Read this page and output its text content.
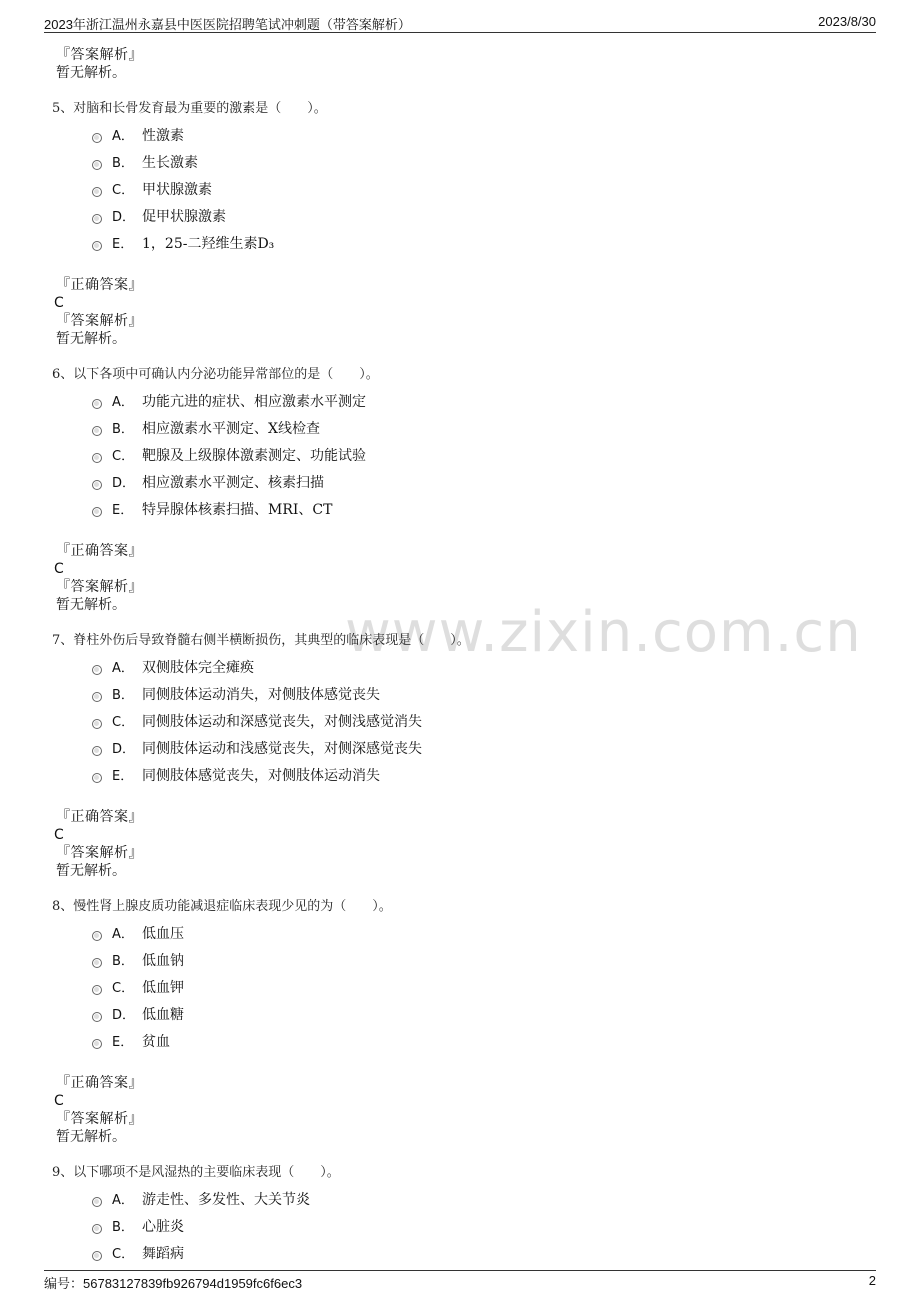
2023年浙江温州永嘉县中医医院招聘笔试冲刺题（带答案解析）	2023/8/30
www.zixin.com.cn
『答案解析』
暂无解析。
5、对脑和长骨发育最为重要的激素是（　　）。
A． 性激素
B． 生长激素
C． 甲状腺激素
D． 促甲状腺激素
E． 1，25-二羟维生素D₃
『正确答案』
C
『答案解析』
暂无解析。
6、以下各项中可确认内分泌功能异常部位的是（　　）。
A． 功能亢进的症状、相应激素水平测定
B． 相应激素水平测定、X线检查
C． 靶腺及上级腺体激素测定、功能试验
D． 相应激素水平测定、核素扫描
E． 特异腺体核素扫描、MRI、CT
『正确答案』
C
『答案解析』
暂无解析。
7、脊柱外伤后导致脊髓右侧半横断损伤，其典型的临床表现是（　　）。
A． 双侧肢体完全瘫痪
B． 同侧肢体运动消失，对侧肢体感觉丧失
C． 同侧肢体运动和深感觉丧失，对侧浅感觉消失
D． 同侧肢体运动和浅感觉丧失，对侧深感觉丧失
E． 同侧肢体感觉丧失，对侧肢体运动消失
『正确答案』
C
『答案解析』
暂无解析。
8、慢性肾上腺皮质功能减退症临床表现少见的为（　　）。
A． 低血压
B． 低血钠
C． 低血钾
D． 低血糖
E． 贫血
『正确答案』
C
『答案解析』
暂无解析。
9、以下哪项不是风湿热的主要临床表现（　　）。
A． 游走性、多发性、大关节炎
B． 心脏炎
C． 舞蹈病
编号：56783127839fb926794d1959fc6f6ec3	2
